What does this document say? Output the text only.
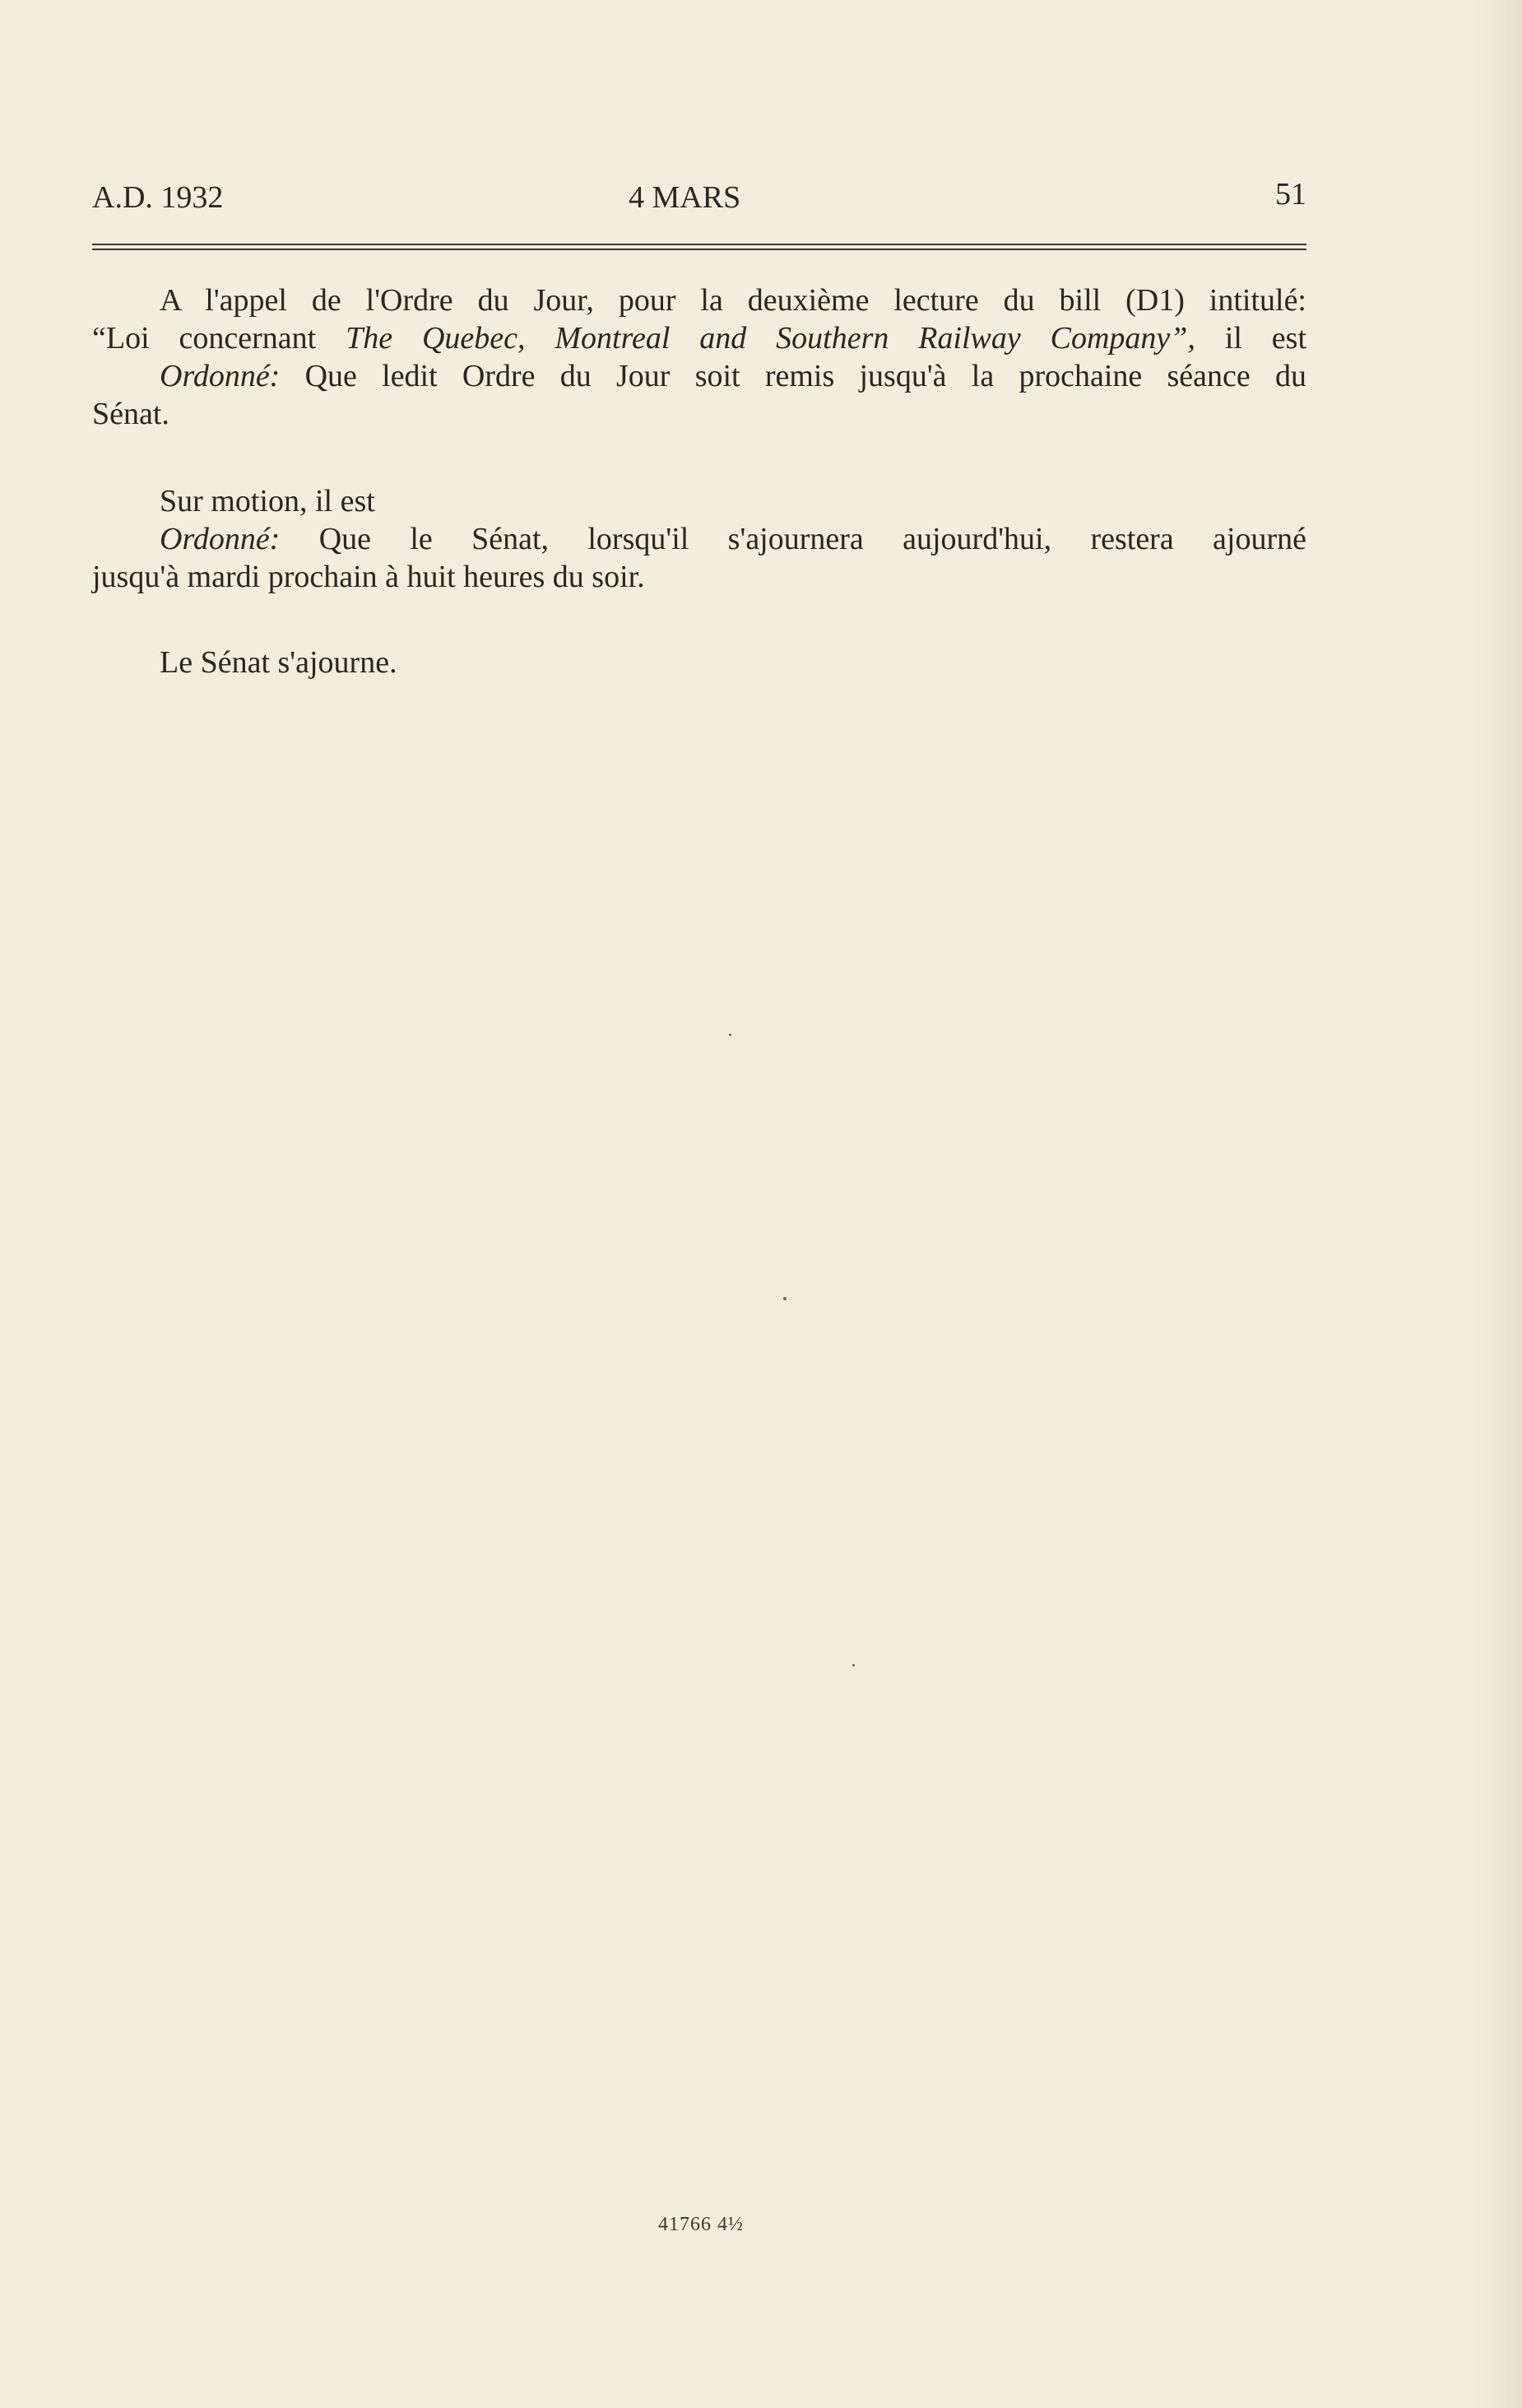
A.D. 1932	4 MARS	51
A l'appel de l'Ordre du Jour, pour la deuxième lecture du bill (D1) intitulé:
“Loi concernant The Quebec, Montreal and Southern Railway Company”, il est
Ordonné: Que ledit Ordre du Jour soit remis jusqu'à la prochaine séance du
Sénat.
Sur motion, il est
Ordonné: Que le Sénat, lorsqu'il s'ajournera aujourd'hui, restera ajourné
jusqu'à mardi prochain à huit heures du soir.
Le Sénat s'ajourne.
41766 4½
